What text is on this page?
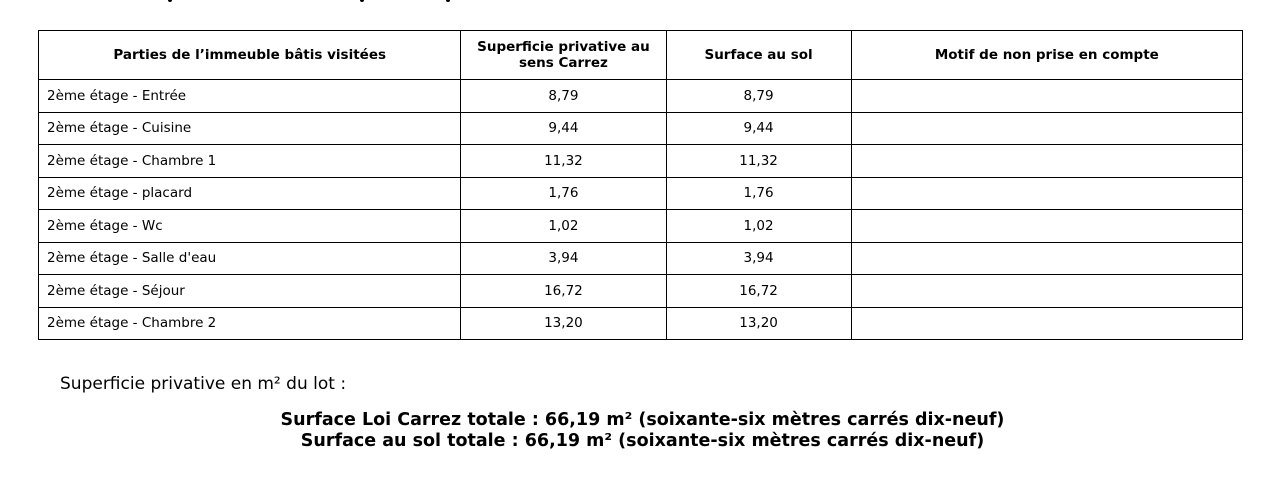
Parties de l’immeuble bâtis visitées	Superficie privative au sens Carrez	Surface au sol	Motif de non prise en compte
2ème étage - Entrée	8,79	8,79	
2ème étage - Cuisine	9,44	9,44	
2ème étage - Chambre 1	11,32	11,32	
2ème étage - placard	1,76	1,76	
2ème étage - Wc	1,02	1,02	
2ème étage - Salle d'eau	3,94	3,94	
2ème étage - Séjour	16,72	16,72	
2ème étage - Chambre 2	13,20	13,20	
Superficie privative en m² du lot :
Surface Loi Carrez totale : 66,19 m² (soixante-six mètres carrés dix-neuf)
Surface au sol totale : 66,19 m² (soixante-six mètres carrés dix-neuf)
